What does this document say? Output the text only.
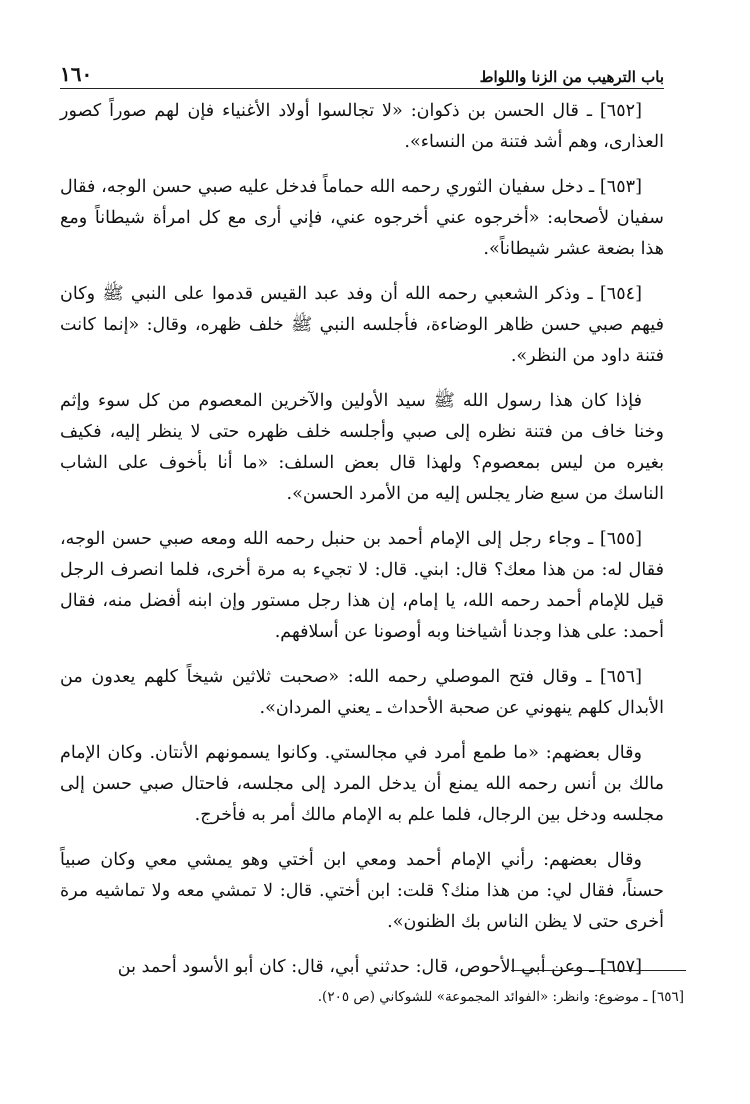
باب الترهيب من الزنا واللواط
١٦٠

[٦٥٢] ـ قال الحسن بن ذكوان: «لا تجالسوا أولاد الأغنياء فإن لهم صوراً كصور العذارى، وهم أشد فتنة من النساء».

[٦٥٣] ـ دخل سفيان الثوري رحمه الله حماماً فدخل عليه صبي حسن الوجه، فقال سفيان لأصحابه: «أخرجوه عني أخرجوه عني، فإني أرى مع كل امرأة شيطاناً ومع هذا بضعة عشر شيطاناً».

[٦٥٤] ـ وذكر الشعبي رحمه الله أن وفد عبد القيس قدموا على النبي ﷺ وكان فيهم صبي حسن ظاهر الوضاءة، فأجلسه النبي ﷺ خلف ظهره، وقال: «إنما كانت فتنة داود من النظر».

فإذا كان هذا رسول الله ﷺ سيد الأولين والآخرين المعصوم من كل سوء وإثم وخنا خاف من فتنة نظره إلى صبي وأجلسه خلف ظهره حتى لا ينظر إليه، فكيف بغيره من ليس بمعصوم؟ ولهذا قال بعض السلف: «ما أنا بأخوف على الشاب الناسك من سبع ضار يجلس إليه من الأمرد الحسن».

[٦٥٥] ـ وجاء رجل إلى الإمام أحمد بن حنبل رحمه الله ومعه صبي حسن الوجه، فقال له: من هذا معك؟ قال: ابني. قال: لا تجيء به مرة أخرى، فلما انصرف الرجل قيل للإمام أحمد رحمه الله، يا إمام، إن هذا رجل مستور وإن ابنه أفضل منه، فقال أحمد: على هذا وجدنا أشياخنا وبه أوصونا عن أسلافهم.

[٦٥٦] ـ وقال فتح الموصلي رحمه الله: «صحبت ثلاثين شيخاً كلهم يعدون من الأبدال كلهم ينهوني عن صحبة الأحداث ـ يعني المردان».

وقال بعضهم: «ما طمع أمرد في مجالستي. وكانوا يسمونهم الأنتان. وكان الإمام مالك بن أنس رحمه الله يمنع أن يدخل المرد إلى مجلسه، فاحتال صبي حسن إلى مجلسه ودخل بين الرجال، فلما علم به الإمام مالك أمر به فأخرج.

وقال بعضهم: رأني الإمام أحمد ومعي ابن أختي وهو يمشي معي وكان صبياً حسناً، فقال لي: من هذا منك؟ قلت: ابن أختي. قال: لا تمشي معه ولا تماشيه مرة أخرى حتى لا يظن الناس بك الظنون».

[٦٥٧] ـ وعن أبي الأحوص، قال: حدثني أبي، قال: كان أبو الأسود أحمد بن

[٦٥٦] ـ موضوع: وانظر: «الفوائد المجموعة» للشوكاني (ص ٢٠٥).
